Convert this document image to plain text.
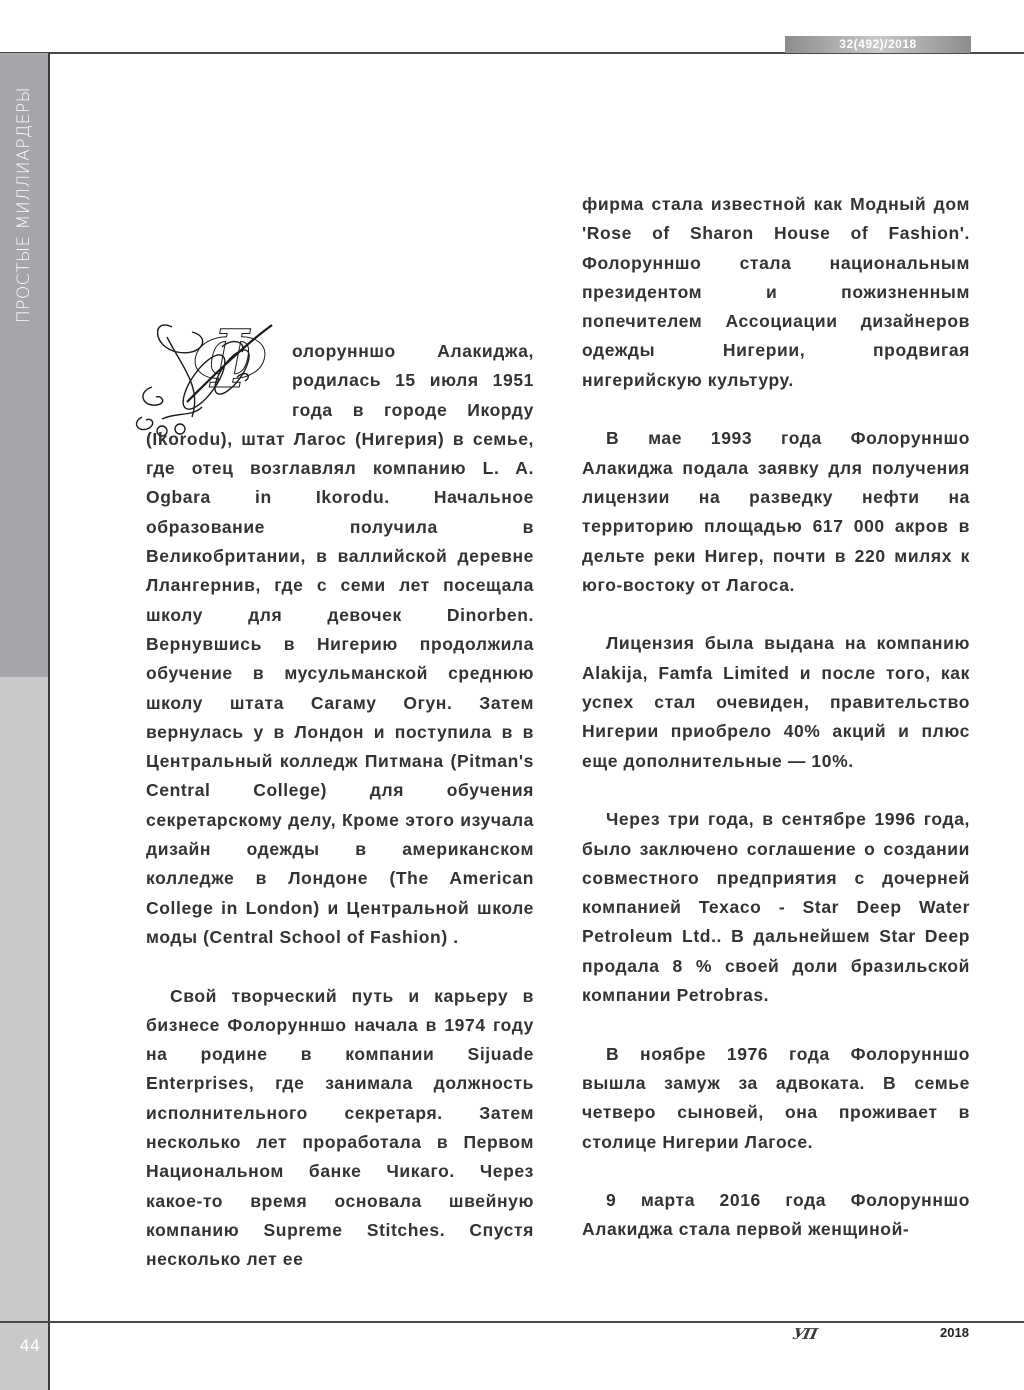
32(492)/2018
ПРОСТЫЕ МИЛЛИАРДЕРЫ
44
Ф	олорунншо Алакиджа, родилась 15 июля 1951 года в городе Икорду (Ikorodu), штат Лагос (Нигерия) в семье, где отец возглавлял компанию L. A. Ogbara in Ikorodu. Начальное образование получила в Великобритании, в валлийской деревне Ллангернив, где с семи лет посещала школу для девочек Dinorben. Вернувшись в Нигерию продолжила обучение в мусульманской среднюю школу штата Сагаму Огун. Затем вернулась у в Лондон и поступила в в Центральный колледж Питмана (Pitman's Central College) для обучения секретарскому делу, Кроме этого изучала дизайн одежды в американском колледже в Лондоне (The American College in London) и Центральной школе моды (Central School of Fashion) .

Свой творческий путь и карьеру в бизнесе Фолорунншо начала в 1974 году на родине в компании Sijuade Enterprises, где занимала должность исполнительного секретаря. Затем несколько лет проработала в Первом Национальном банке Чикаго. Через какое-то время основала швейную компанию Supreme Stitches. Спустя несколько лет ее

фирма стала известной как Модный дом 'Rose of Sharon House of Fashion'. Фолорунншо стала национальным президентом и пожизненным попечителем Ассоциации дизайнеров одежды Нигерии, продвигая нигерийскую культуру.

В мае 1993 года Фолорунншо Алакиджа подала заявку для получения лицензии на разведку нефти на территорию площадью 617 000 акров в дельте реки Нигер, почти в 220 милях к юго-востоку от Лагоса.

Лицензия была выдана на компанию Alakija, Famfa Limited и после того, как успех стал очевиден, правительство Нигерии приобрело 40% акций и плюс еще дополнительные — 10%.

Через три года, в сентябре 1996 года, было заключено соглашение о создании совместного предприятия с дочерней компанией Texaco - Star Deep Water Petroleum Ltd.. В дальнейшем Star Deep продала 8 % своей доли бразильской компании Petrobras.

В ноябре 1976 года Фолорунншо вышла замуж за адвоката. В семье четверо сыновей, она проживает в столице Нигерии Лагосе.

9 марта 2016 года Фолорунншо Алакиджа стала первой женщиной-

УП	2018
